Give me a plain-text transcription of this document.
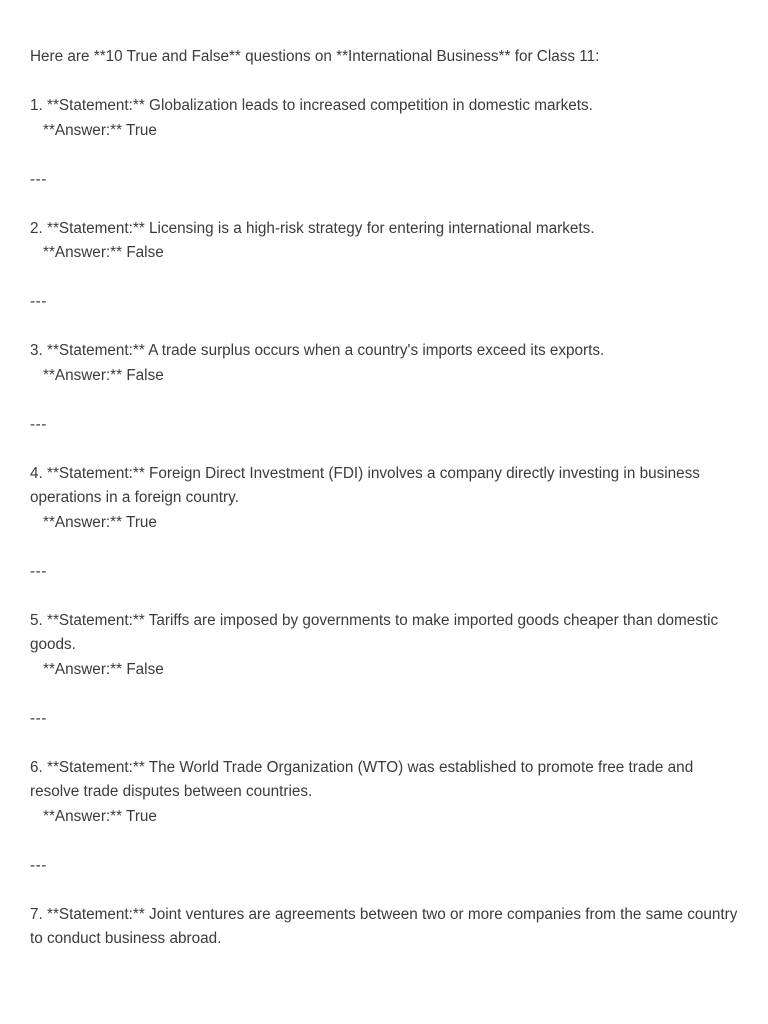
Here are **10 True and False** questions on **International Business** for Class 11:

1. **Statement:** Globalization leads to increased competition in domestic markets.

**Answer:** True

---

2. **Statement:** Licensing is a high-risk strategy for entering international markets.

**Answer:** False

---

3. **Statement:** A trade surplus occurs when a country's imports exceed its exports.

**Answer:** False

---

4. **Statement:** Foreign Direct Investment (FDI) involves a company directly investing in business operations in a foreign country.

**Answer:** True

---

5. **Statement:** Tariffs are imposed by governments to make imported goods cheaper than domestic goods.

**Answer:** False

---

6. **Statement:** The World Trade Organization (WTO) was established to promote free trade and resolve trade disputes between countries.

**Answer:** True

---

7. **Statement:** Joint ventures are agreements between two or more companies from the same country to conduct business abroad.
